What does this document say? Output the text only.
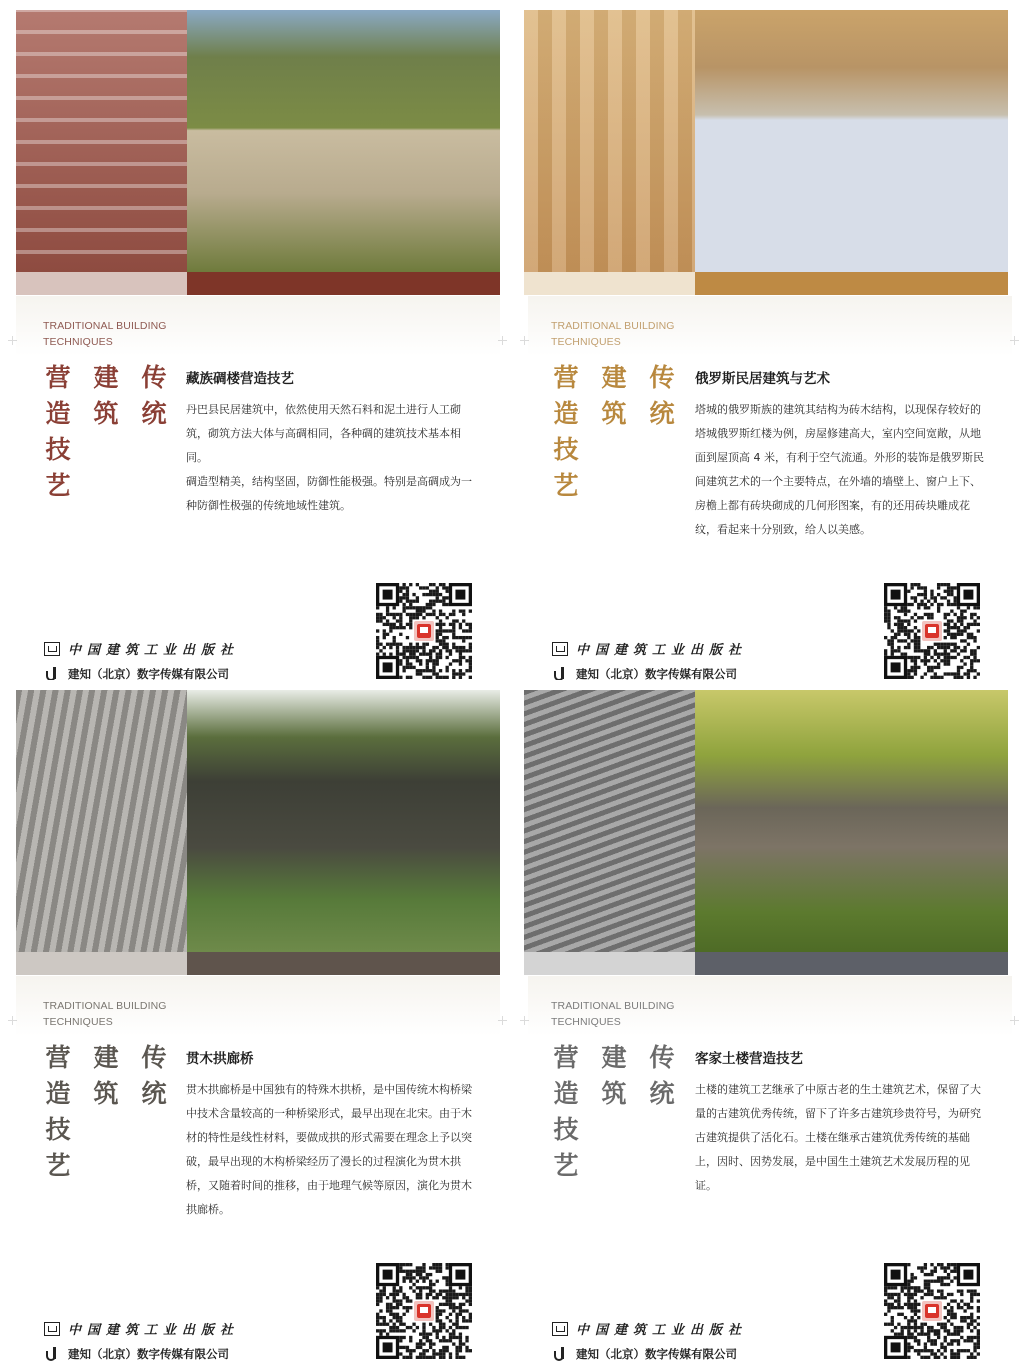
TRADITIONAL BUILDING
TECHNIQUES
营 建 传
造 筑 统
技
艺
藏族碉楼营造技艺

丹巴县民居建筑中，依然使用天然石料和泥土进行人工砌筑，砌筑方法大体与高碉相同，各种碉的建筑技术基本相同。

碉造型精美，结构坚固，防御性能极强。特别是高碉成为一种防御性极强的传统地域性建筑。

中国建筑工业出版社
建知（北京）数字传媒有限公司
TRADITIONAL BUILDING
TECHNIQUES
营 建 传
造 筑 统
技
艺
俄罗斯民居建筑与艺术

塔城的俄罗斯族的建筑其结构为砖木结构，以现保存较好的塔城俄罗斯红楼为例，房屋修建高大，室内空间宽敞，从地面到屋顶高 4 米，有利于空气流通。外形的装饰是俄罗斯民间建筑艺术的一个主要特点，在外墙的墙壁上、窗户上下、房檐上都有砖块砌成的几何形图案，有的还用砖块雕成花纹，看起来十分别致，给人以美感。

中国建筑工业出版社
建知（北京）数字传媒有限公司
TRADITIONAL BUILDING
TECHNIQUES
营 建 传
造 筑 统
技
艺
贯木拱廊桥

贯木拱廊桥是中国独有的特殊木拱桥，是中国传统木构桥梁中技术含量较高的一种桥梁形式，最早出现在北宋。由于木材的特性是线性材料，要做成拱的形式需要在理念上予以突破，最早出现的木构桥梁经历了漫长的过程演化为贯木拱桥，又随着时间的推移，由于地理气候等原因，演化为贯木拱廊桥。

中国建筑工业出版社
建知（北京）数字传媒有限公司
TRADITIONAL BUILDING
TECHNIQUES
营 建 传
造 筑 统
技
艺
客家土楼营造技艺

土楼的建筑工艺继承了中原古老的生土建筑艺术，保留了大量的古建筑优秀传统，留下了许多古建筑珍贵符号，为研究古建筑提供了活化石。土楼在继承古建筑优秀传统的基础上，因时、因势发展，是中国生土建筑艺术发展历程的见证。

中国建筑工业出版社
建知（北京）数字传媒有限公司
